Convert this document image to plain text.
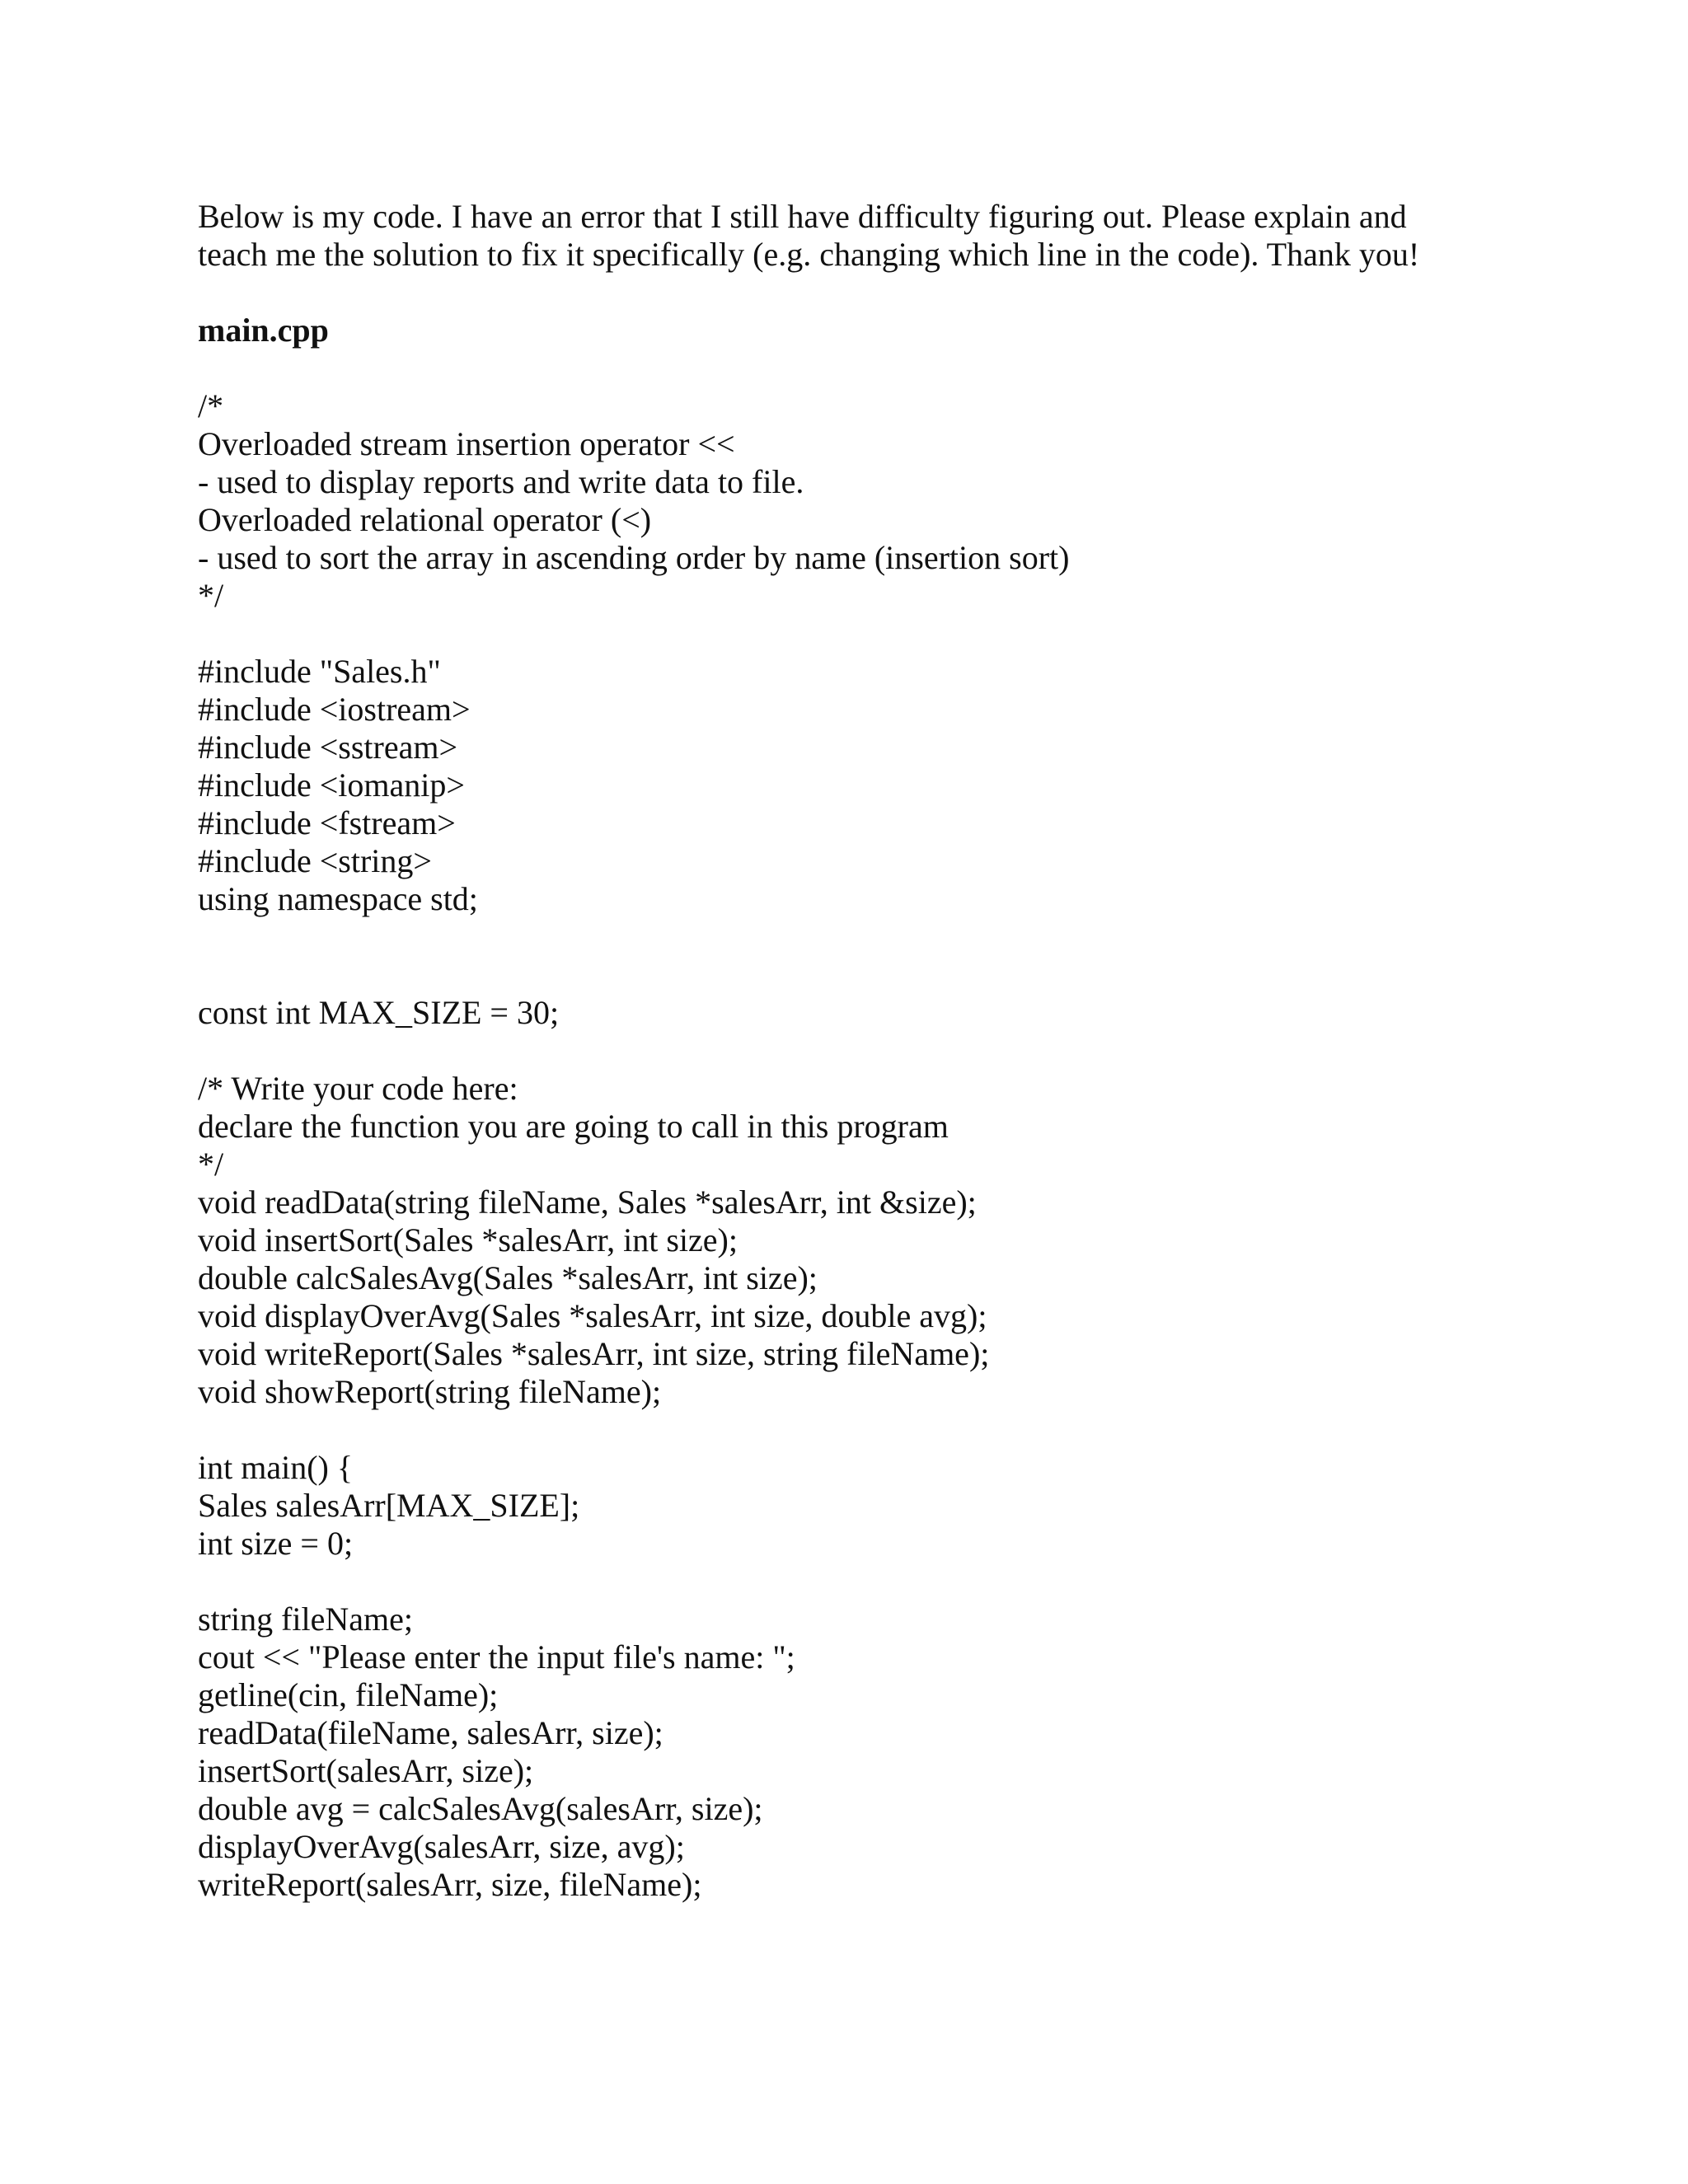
Below is my code. I have an error that I still have difficulty figuring out. Please explain and
teach me the solution to fix it specifically (e.g. changing which line in the code). Thank you!

main.cpp
/*
Overloaded stream insertion operator <<
- used to display reports and write data to file.
Overloaded relational operator (<)
- used to sort the array in ascending order by name (insertion sort)
*/
#include "Sales.h"
#include <iostream>
#include <sstream>
#include <iomanip>
#include <fstream>
#include <string>
using namespace std;
const int MAX_SIZE = 30;
/* Write your code here:
declare the function you are going to call in this program
*/
void readData(string fileName, Sales *salesArr, int &size);
void insertSort(Sales *salesArr, int size);
double calcSalesAvg(Sales *salesArr, int size);
void displayOverAvg(Sales *salesArr, int size, double avg);
void writeReport(Sales *salesArr, int size, string fileName);
void showReport(string fileName);
int main() {
Sales salesArr[MAX_SIZE];
int size = 0;
string fileName;
cout << "Please enter the input file's name: ";
getline(cin, fileName);
readData(fileName, salesArr, size);
insertSort(salesArr, size);
double avg = calcSalesAvg(salesArr, size);
displayOverAvg(salesArr, size, avg);
writeReport(salesArr, size, fileName);
